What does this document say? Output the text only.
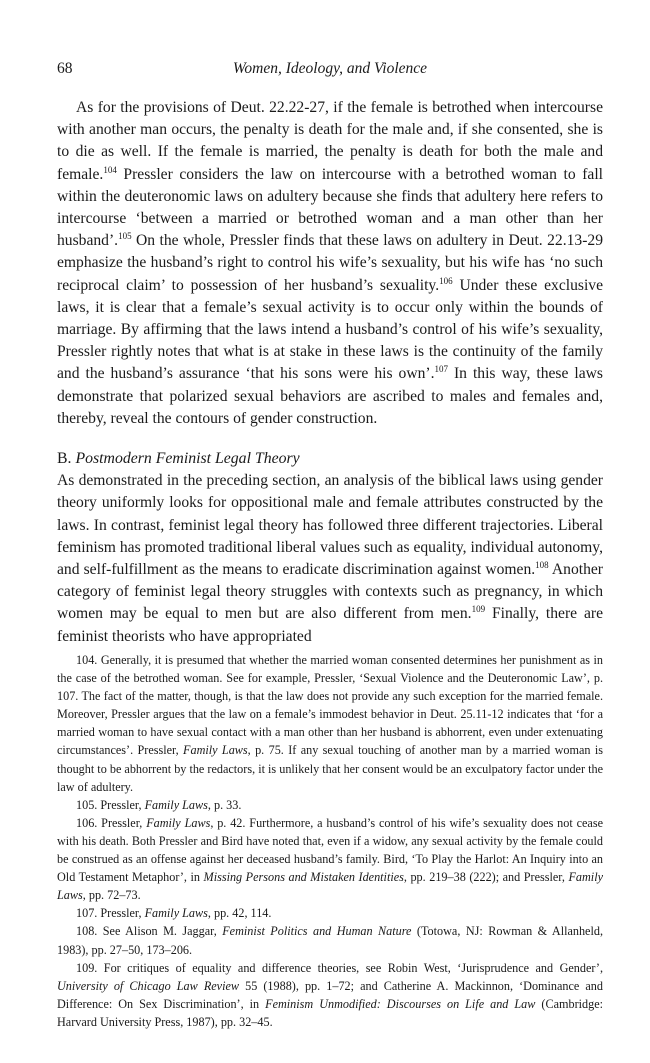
68	Women, Ideology, and Violence

As for the provisions of Deut. 22.22-27, if the female is betrothed when intercourse with another man occurs, the penalty is death for the male and, if she consented, she is to die as well. If the female is married, the penalty is death for both the male and female.$^{104}$ Pressler considers the law on intercourse with a betrothed woman to fall within the deuteronomic laws on adultery because she finds that adultery here refers to intercourse ‘between a married or betrothed woman and a man other than her husband’.$^{105}$ On the whole, Pressler finds that these laws on adultery in Deut. 22.13-29 emphasize the husband’s right to control his wife’s sexuality, but his wife has ‘no such reciprocal claim’ to possession of her husband’s sexuality.$^{106}$ Under these exclusive laws, it is clear that a female’s sexual activity is to occur only within the bounds of marriage. By affirming that the laws intend a husband’s control of his wife’s sexuality, Pressler rightly notes that what is at stake in these laws is the continuity of the family and the husband’s assurance ‘that his sons were his own’.$^{107}$ In this way, these laws demonstrate that polarized sexual behaviors are ascribed to males and females and, thereby, reveal the contours of gender construction.

B. Postmodern Feminist Legal Theory

As demonstrated in the preceding section, an analysis of the biblical laws using gender theory uniformly looks for oppositional male and female attributes constructed by the laws. In contrast, feminist legal theory has followed three different trajectories. Liberal feminism has promoted traditional liberal values such as equality, individual autonomy, and self-fulfillment as the means to eradicate discrimination against women.$^{108}$ Another category of feminist legal theory struggles with contexts such as pregnancy, in which women may be equal to men but are also different from men.$^{109}$ Finally, there are feminist theorists who have appropriated

104. Generally, it is presumed that whether the married woman consented determines her punishment as in the case of the betrothed woman. See for example, Pressler, ‘Sexual Violence and the Deuteronomic Law’, p. 107. The fact of the matter, though, is that the law does not provide any such exception for the married female. Moreover, Pressler argues that the law on a female’s immodest behavior in Deut. 25.11-12 indicates that ‘for a married woman to have sexual contact with a man other than her husband is abhorrent, even under extenuating circumstances’. Pressler, Family Laws, p. 75. If any sexual touching of another man by a married woman is thought to be abhorrent by the redactors, it is unlikely that her consent would be an exculpatory factor under the law of adultery.

105. Pressler, Family Laws, p. 33.

106. Pressler, Family Laws, p. 42. Furthermore, a husband’s control of his wife’s sexuality does not cease with his death. Both Pressler and Bird have noted that, even if a widow, any sexual activity by the female could be construed as an offense against her deceased husband’s family. Bird, ‘To Play the Harlot: An Inquiry into an Old Testament Metaphor’, in Missing Persons and Mistaken Identities, pp. 219–38 (222); and Pressler, Family Laws, pp. 72–73.

107. Pressler, Family Laws, pp. 42, 114.

108. See Alison M. Jaggar, Feminist Politics and Human Nature (Totowa, NJ: Rowman & Allanheld, 1983), pp. 27–50, 173–206.

109. For critiques of equality and difference theories, see Robin West, ‘Jurisprudence and Gender’, University of Chicago Law Review 55 (1988), pp. 1–72; and Catherine A. Mackinnon, ‘Dominance and Difference: On Sex Discrimination’, in Feminism Unmodified: Discourses on Life and Law (Cambridge: Harvard University Press, 1987), pp. 32–45.
